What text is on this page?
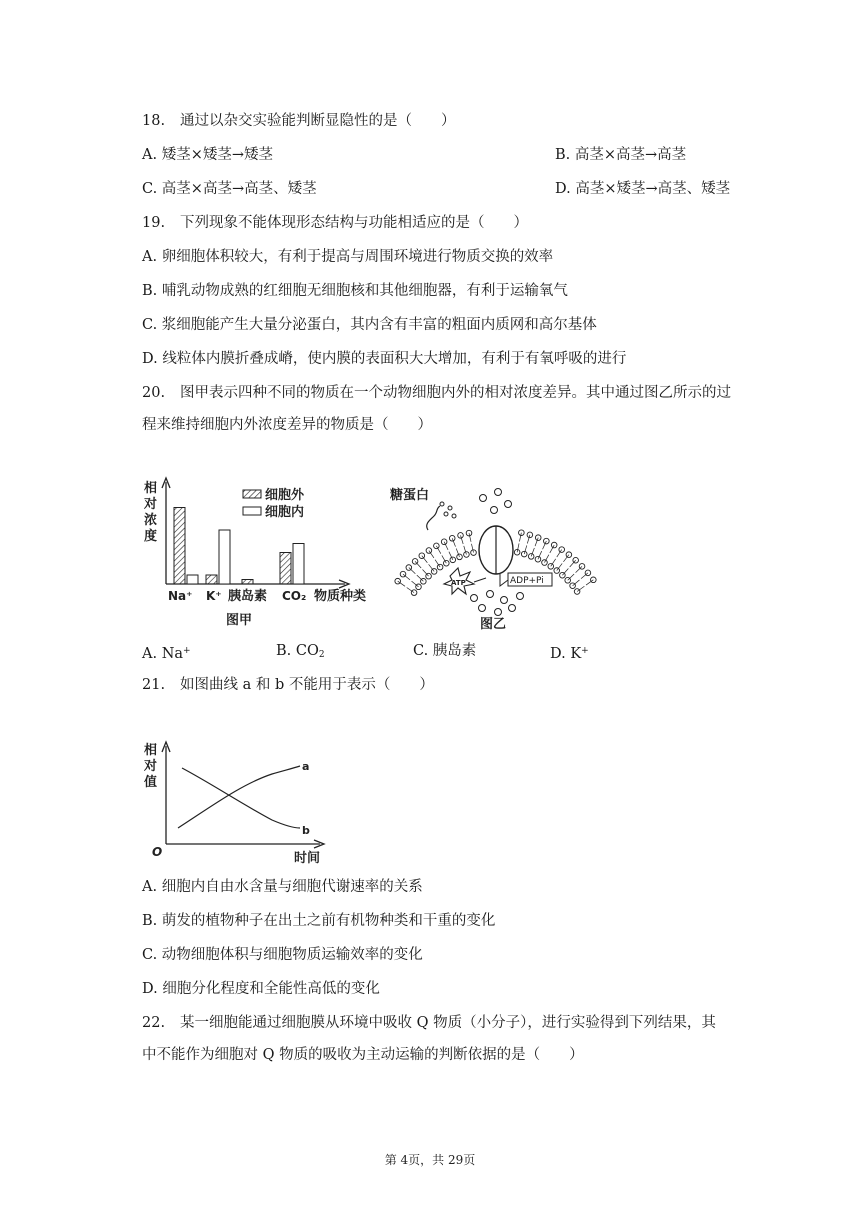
18. 通过以杂交实验能判断显隐性的是（　　）
A. 矮茎×矮茎→矮茎	B. 高茎×高茎→高茎
C. 高茎×高茎→高茎、矮茎	D. 高茎×矮茎→高茎、矮茎
19. 下列现象不能体现形态结构与功能相适应的是（　　）
A. 卵细胞体积较大，有利于提高与周围环境进行物质交换的效率
B. 哺乳动物成熟的红细胞无细胞核和其他细胞器，有利于运输氧气
C. 浆细胞能产生大量分泌蛋白，其内含有丰富的粗面内质网和高尔基体
D. 线粒体内膜折叠成嵴，使内膜的表面积大大增加，有利于有氧呼吸的进行
20. 图甲表示四种不同的物质在一个动物细胞内外的相对浓度差异。其中通过图乙所示的过
程来维持细胞内外浓度差异的物质是（　　）
相
对
浓
度
细胞外
细胞内
Na⁺ K⁺ 胰岛素 CO₂ 物质种类
图甲
糖蛋白
ATP	ADP+Pi
图乙
A. Na+	B. $CO_2$	C. 胰岛素	D. K+
21. 如图曲线 a 和 b 不能用于表示（　　）
相
对
值
O	时间
a
b
A. 细胞内自由水含量与细胞代谢速率的关系
B. 萌发的植物种子在出土之前有机物种类和干重的变化
C. 动物细胞体积与细胞物质运输效率的变化
D. 细胞分化程度和全能性高低的变化
22. 某一细胞能通过细胞膜从环境中吸收 Q 物质（小分子），进行实验得到下列结果，其
中不能作为细胞对 Q 物质的吸收为主动运输的判断依据的是（　　）
第 4页，共 29页
